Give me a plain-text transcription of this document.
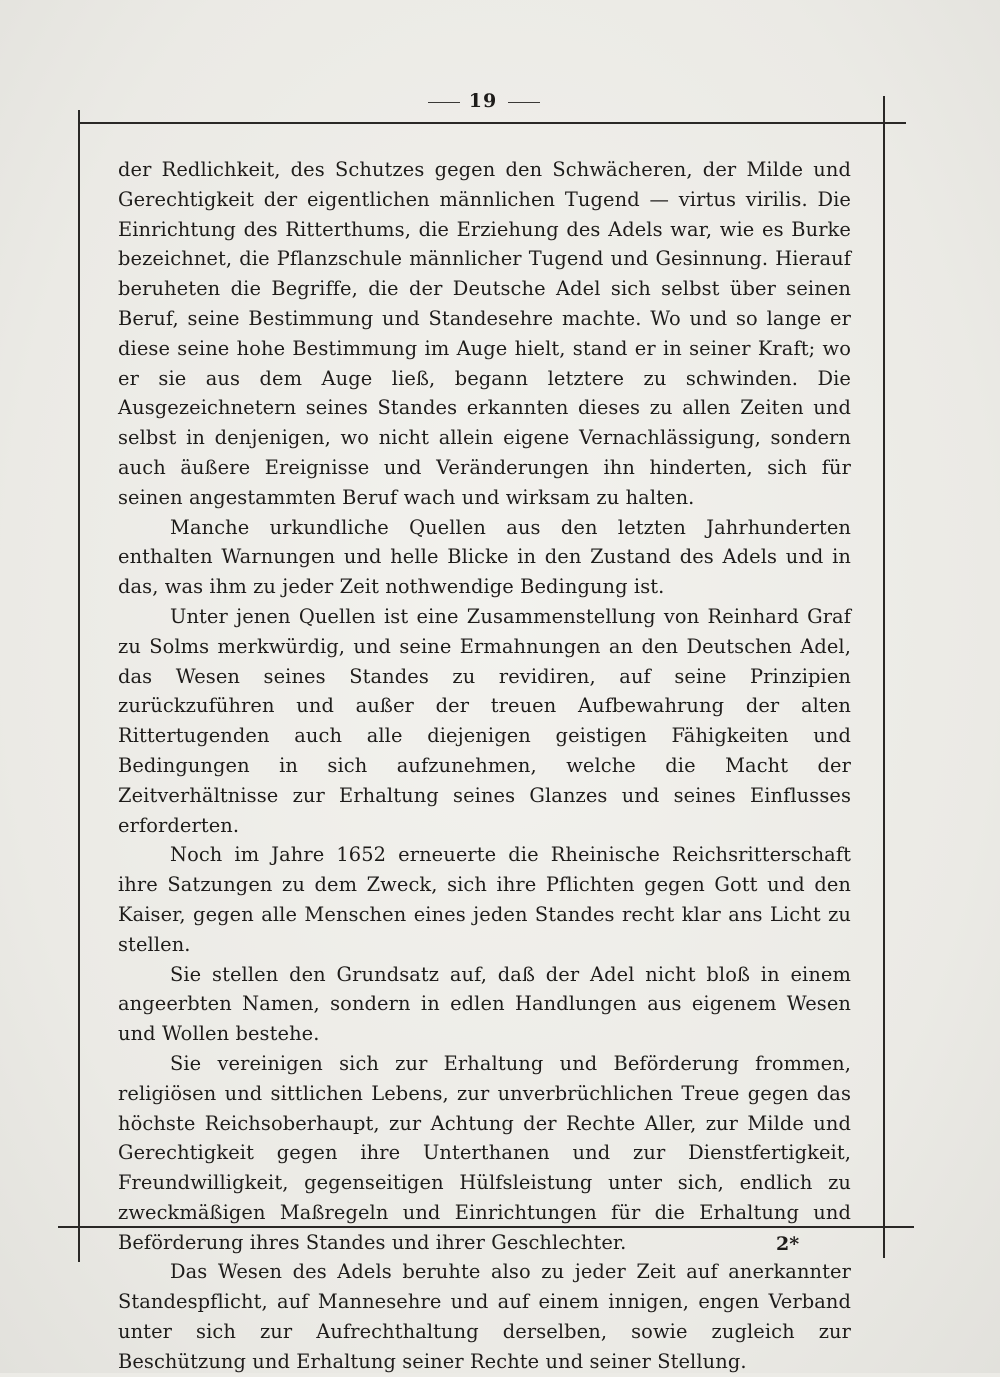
19

der Redlichkeit, des Schutzes gegen den Schwächeren, der Milde und Gerechtigkeit der eigentlichen männlichen Tugend — virtus virilis. Die Einrichtung des Ritterthums, die Erziehung des Adels war, wie es Burke bezeichnet, die Pflanzschule männlicher Tugend und Gesinnung. Hierauf beruheten die Begriffe, die der Deutsche Adel sich selbst über seinen Beruf, seine Bestimmung und Standesehre machte. Wo und so lange er diese seine hohe Bestimmung im Auge hielt, stand er in seiner Kraft; wo er sie aus dem Auge ließ, begann letztere zu schwinden. Die Ausgezeichnetern seines Standes erkannten dieses zu allen Zeiten und selbst in denjenigen, wo nicht allein eigene Vernachlässigung, sondern auch äußere Ereignisse und Veränderungen ihn hinderten, sich für seinen angestammten Beruf wach und wirksam zu halten.

Manche urkundliche Quellen aus den letzten Jahrhunderten enthalten Warnungen und helle Blicke in den Zustand des Adels und in das, was ihm zu jeder Zeit nothwendige Bedingung ist.

Unter jenen Quellen ist eine Zusammenstellung von Reinhard Graf zu Solms merkwürdig, und seine Ermahnungen an den Deutschen Adel, das Wesen seines Standes zu revidiren, auf seine Prinzipien zurückzuführen und außer der treuen Aufbewahrung der alten Rittertugenden auch alle diejenigen geistigen Fähigkeiten und Bedingungen in sich aufzunehmen, welche die Macht der Zeitverhältnisse zur Erhaltung seines Glanzes und seines Einflusses erforderten.

Noch im Jahre 1652 erneuerte die Rheinische Reichsritterschaft ihre Satzungen zu dem Zweck, sich ihre Pflichten gegen Gott und den Kaiser, gegen alle Menschen eines jeden Standes recht klar ans Licht zu stellen.

Sie stellen den Grundsatz auf, daß der Adel nicht bloß in einem angeerbten Namen, sondern in edlen Handlungen aus eigenem Wesen und Wollen bestehe.

Sie vereinigen sich zur Erhaltung und Beförderung frommen, religiösen und sittlichen Lebens, zur unverbrüchlichen Treue gegen das höchste Reichsoberhaupt, zur Achtung der Rechte Aller, zur Milde und Gerechtigkeit gegen ihre Unterthanen und zur Dienstfertigkeit, Freundwilligkeit, gegenseitigen Hülfsleistung unter sich, endlich zu zweckmäßigen Maßregeln und Einrichtungen für die Erhaltung und Beförderung ihres Standes und ihrer Geschlechter.

Das Wesen des Adels beruhte also zu jeder Zeit auf anerkannter Standespflicht, auf Mannesehre und auf einem innigen, engen Verband unter sich zur Aufrechthaltung derselben, sowie zugleich zur Beschützung und Erhaltung seiner Rechte und seiner Stellung.

2*
